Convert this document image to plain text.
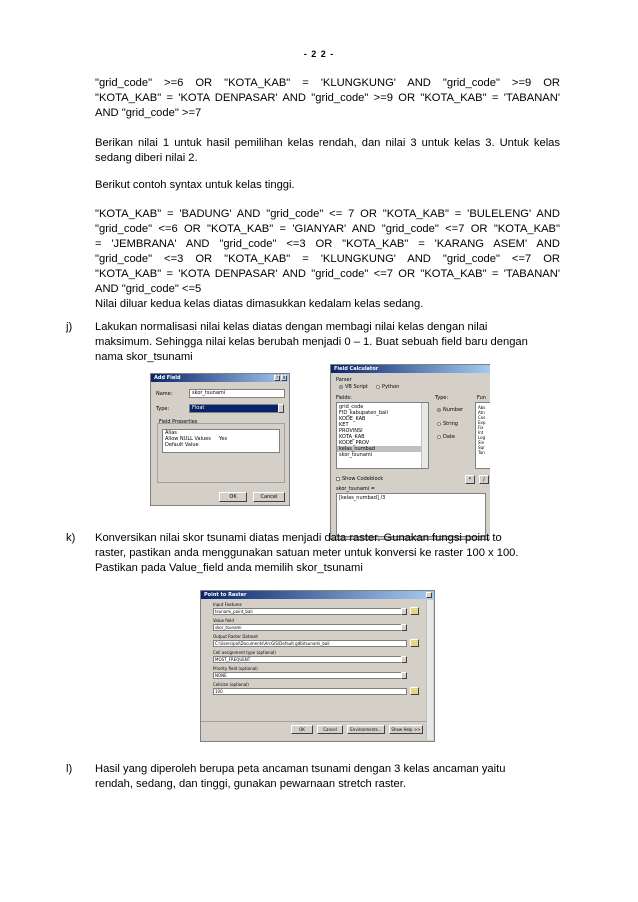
- 2 2 -
"grid_code" >=6 OR "KOTA_KAB" = 'KLUNGKUNG' AND "grid_code" >=9 OR
"KOTA_KAB" = 'KOTA DENPASAR' AND "grid_code" >=9 OR "KOTA_KAB" = 'TABANAN'
AND "grid_code" >=7
Berikan nilai 1 untuk hasil pemilihan kelas rendah, dan nilai 3 untuk kelas 3. Untuk kelas
sedang diberi nilai 2.
Berikut contoh syntax untuk kelas tinggi.
"KOTA_KAB" = 'BADUNG' AND "grid_code" <= 7 OR "KOTA_KAB" = 'BULELENG' AND
"grid_code" <=6 OR "KOTA_KAB" = 'GIANYAR' AND "grid_code" <=7 OR "KOTA_KAB"
= 'JEMBRANA' AND "grid_code" <=3 OR "KOTA_KAB" = 'KARANG ASEM' AND
"grid_code" <=3 OR "KOTA_KAB" = 'KLUNGKUNG' AND "grid_code" <=7 OR
"KOTA_KAB" = 'KOTA DENPASAR' AND "grid_code" <=7 OR "KOTA_KAB" = 'TABANAN'
AND "grid_code" <=5
Nilai diluar kedua kelas diatas dimasukkan kedalam kelas sedang.
j) Lakukan normalisasi nilai kelas diatas dengan membagi nilai kelas dengan nilai
maksimum. Sehingga nilai kelas berubah menjadi 0 – 1. Buat sebuah field baru dengan
nama skor_tsunami
Add Field	?	X
Name:	skor_tsunami
Type:	Float
Field Properties
Alias
Allow NULL Values Yes
Default Value
OK	Cancel
Field Calculator
Parser
VB Script	Python
Fields:
grid_code
FID_kabupaten_bali
KODE_KAB
KET
PROVINSI
KOTA_KAB
KODE_PROV
kelas_numbad
skor_tsunami
Type:
Number
String
Date
Fun
Abs
Atn
Cos
Exp
Fix
Int
Log
Sin
Sqr
Tan
Show Codeblock	*	/
skor_tsunami =
[kelas_numbad] /3
k) Konversikan nilai skor tsunami diatas menjadi data raster. Gunakan fungsi point to
raster, pastikan anda menggunakan satuan meter untuk konversi ke raster 100 x 100.
Pastikan pada Value_field anda memilih skor_tsunami
Point to Raster
Input Features
tsunami_point_bali
Value field
skor_tsunami
Output Raster Dataset
C:\Users\pol\Documents\ArcGIS\Default.gdb\tsunami_bali
Cell assignment type (optional)
MOST_FREQUENT
Priority field (optional)
NONE
Cellsize (optional)
100
OK	Cancel	Environments...	Show Help >>
l) Hasil yang diperoleh berupa peta ancaman tsunami dengan 3 kelas ancaman yaitu
rendah, sedang, dan tinggi, gunakan pewarnaan stretch raster.
